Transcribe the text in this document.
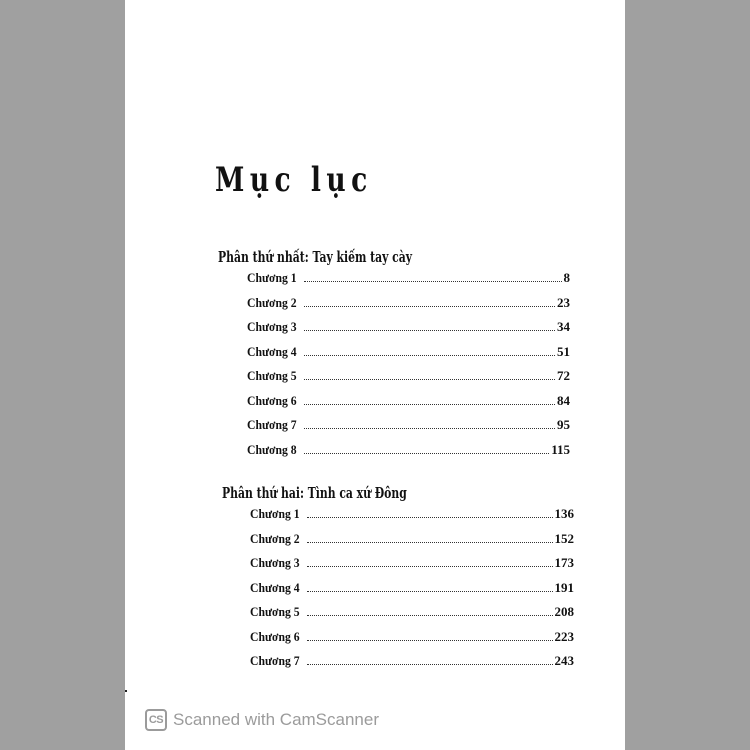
Mục lục
Phân thứ nhất: Tay kiếm tay cày
Chương 1	8
Chương 2	23
Chương 3	34
Chương 4	51
Chương 5	72
Chương 6	84
Chương 7	95
Chương 8	115
Phân thứ hai: Tình ca xứ Đông
Chương 1	136
Chương 2	152
Chương 3	173
Chương 4	191
Chương 5	208
Chương 6	223
Chương 7	243
CS Scanned with CamScanner
